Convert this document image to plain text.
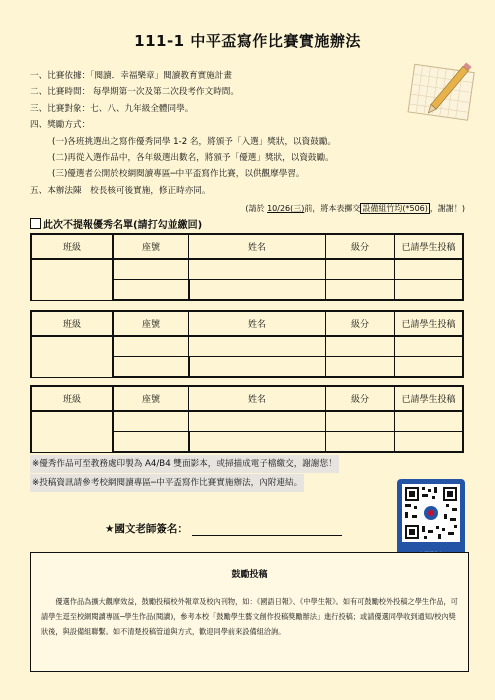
111-1 中平盃寫作比賽實施辦法
一、比賽依據：「閱讀．幸福樂章」閱讀教育實施計畫
二、比賽時間： 每學期第一次及第二次段考作文時間。
三、比賽對象：七、八、九年級全體同學。
四、獎勵方式：
(一)各班挑選出之寫作優秀同學 1-2 名，將頒予「入選」獎狀，以資鼓勵。
(二)再從入選作品中，各年級選出數名，將頒予「優選」獎狀，以資鼓勵。
(三)優選者公開於校網閱讀專區─中平盃寫作比賽，以供觀摩學習。
五、本辦法陳　校長核可後實施，修正時亦同。
(請於 10/26(三)前，將本表擲交 設備組竹均(*506) ，謝謝！)
此次不提報優秀名單(請打勾並繳回)
班級	座號	姓名	級分	已請學生投稿

班級	座號	姓名	級分	已請學生投稿

班級	座號	姓名	級分	已請學生投稿

※優秀作品可至教務處印製為 A4/B4 雙面影本，或掃描成電子檔繳交，謝謝您！
※投稿資訊請參考校網閱讀專區─中平盃寫作比賽實施辦法，內附連結。
★國文老師簽名：
鼓勵投稿
優選作品為擴大觀摩效益，鼓勵投稿校外報章及校內刊物，如：《國語日報》、《中學生報》。如有可鼓勵校外投稿之學生作品，可請學生逕至校網閱讀專區─學生作品(閱讀)，參考本校「鼓勵學生藝文創作投稿獎勵辦法」進行投稿；或請優選同學收到通知/校內獎狀後，與設備組聯繫。如不清楚投稿管道與方式，歡迎同學前來設備組洽詢。
